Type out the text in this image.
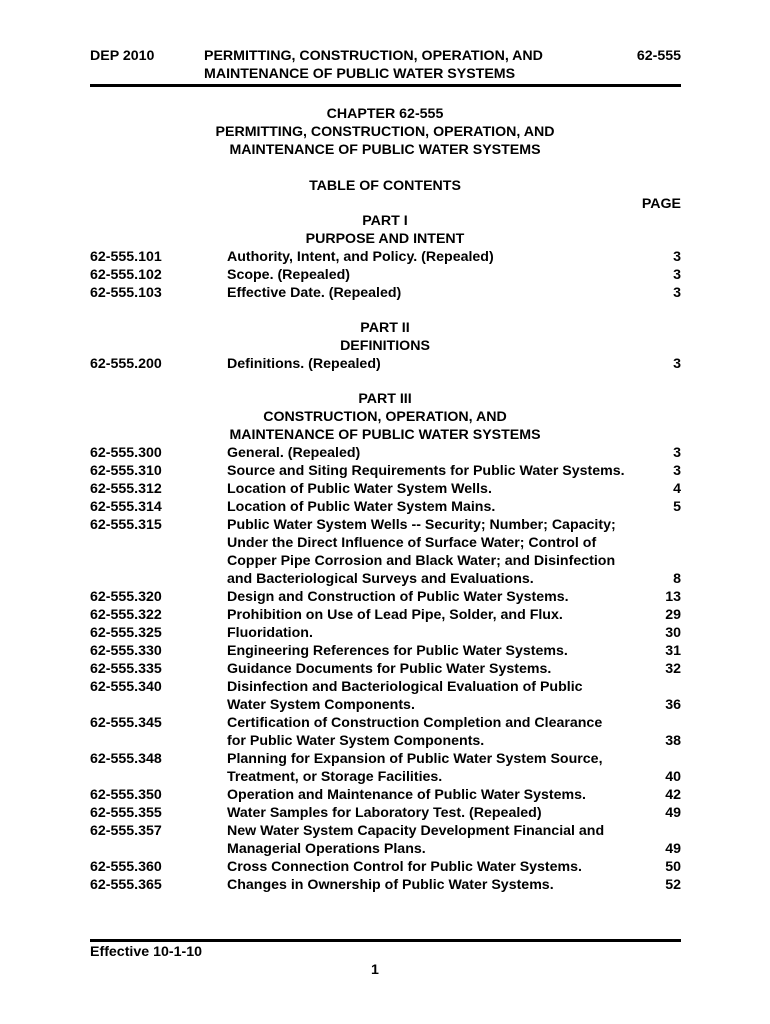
DEP 2010	PERMITTING, CONSTRUCTION, OPERATION, AND
MAINTENANCE OF PUBLIC WATER SYSTEMS
62-555
CHAPTER 62-555
PERMITTING, CONSTRUCTION, OPERATION, AND
MAINTENANCE OF PUBLIC WATER SYSTEMS
TABLE OF CONTENTS
PAGE
PART I
PURPOSE AND INTENT
PART II
DEFINITIONS
PART III
CONSTRUCTION, OPERATION, AND
MAINTENANCE OF PUBLIC WATER SYSTEMS
62-555.101	Authority, Intent, and Policy. (Repealed)	3
62-555.102	Scope. (Repealed)	3
62-555.103	Effective Date. (Repealed)	3
62-555.200	Definitions. (Repealed)	3
62-555.300	General. (Repealed)	3
62-555.310	Source and Siting Requirements for Public Water Systems.	3
62-555.312	Location of Public Water System Wells.	4
62-555.314	Location of Public Water System Mains.	5
62-555.315	Public Water System Wells -- Security; Number; Capacity;
Under the Direct Influence of Surface Water; Control of
Copper Pipe Corrosion and Black Water; and Disinfection
and Bacteriological Surveys and Evaluations.	8
62-555.320	Design and Construction of Public Water Systems.	13
62-555.322	Prohibition on Use of Lead Pipe, Solder, and Flux.	29
62-555.325	Fluoridation.	30
62-555.330	Engineering References for Public Water Systems.	31
62-555.335	Guidance Documents for Public Water Systems.	32
62-555.340	Disinfection and Bacteriological Evaluation of Public
Water System Components.	36
62-555.345	Certification of Construction Completion and Clearance
for Public Water System Components.	38
62-555.348	Planning for Expansion of Public Water System Source,
Treatment, or Storage Facilities.	40
62-555.350	Operation and Maintenance of Public Water Systems.	42
62-555.355	Water Samples for Laboratory Test. (Repealed)	49
62-555.357	New Water System Capacity Development Financial and
Managerial Operations Plans.	49
62-555.360	Cross Connection Control for Public Water Systems.	50
62-555.365	Changes in Ownership of Public Water Systems.	52
Effective 10-1-10
1
